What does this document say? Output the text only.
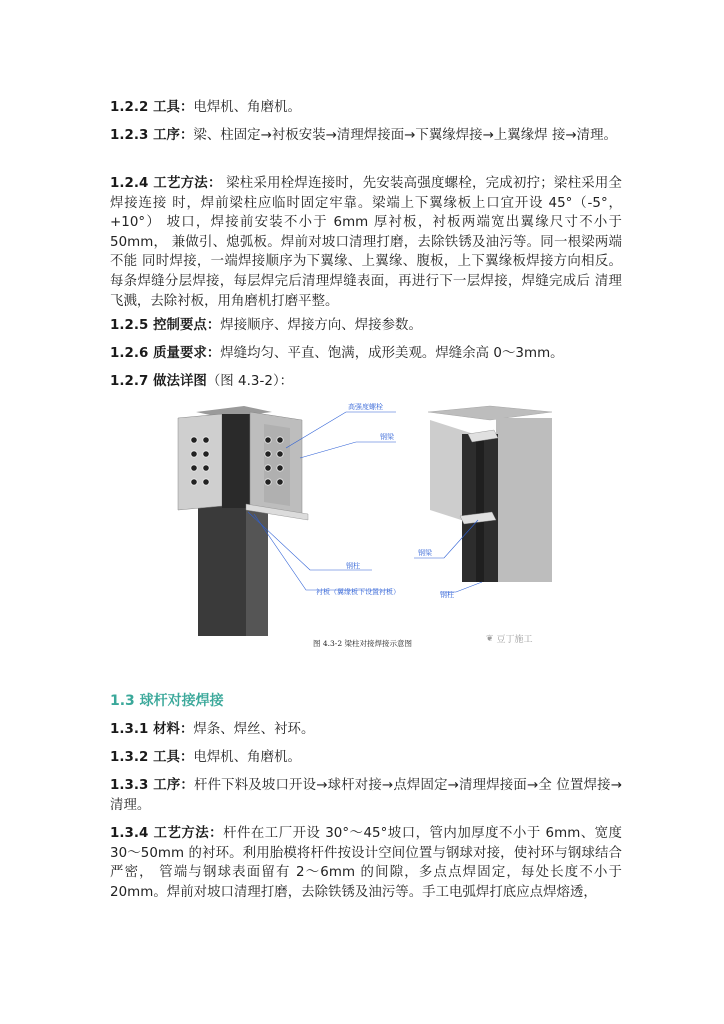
1.2.2 工具：电焊机、角磨机。
1.2.3 工序：梁、柱固定→衬板安装→清理焊接面→下翼缘焊接→上翼缘焊 接→清理。
1.2.4 工艺方法： 梁柱采用栓焊连接时，先安装高强度螺栓，完成初拧；梁柱采用全焊接连接 时，焊前梁柱应临时固定牢靠。梁端上下翼缘板上口宜开设 45°（-5°，+10°） 坡口，焊接前安装不小于 6mm 厚衬板，衬板两端宽出翼缘尺寸不小于 50mm， 兼做引、熄弧板。焊前对坡口清理打磨，去除铁锈及油污等。同一根梁两端不能 同时焊接，一端焊接顺序为下翼缘、上翼缘、腹板，上下翼缘板焊接方向相反。每条焊缝分层焊接，每层焊完后清理焊缝表面，再进行下一层焊接，焊缝完成后 清理飞溅，去除衬板，用角磨机打磨平整。
1.2.5 控制要点：焊接顺序、焊接方向、焊接参数。
1.2.6 质量要求：焊缝均匀、平直、饱满，成形美观。焊缝余高 0～3mm。
1.2.7 做法详图（图 4.3-2）：
高强度螺栓
钢梁
钢柱
衬板（翼缘板下设置衬板）
钢梁
钢柱
图 4.3-2 梁柱对接焊接示意图	❦ 豆丁施工
1.3 球杆对接焊接
1.3.1 材料：焊条、焊丝、衬环。
1.3.2 工具：电焊机、角磨机。
1.3.3 工序：杆件下料及坡口开设→球杆对接→点焊固定→清理焊接面→全 位置焊接→清理。
1.3.4 工艺方法：杆件在工厂开设 30°～45°坡口，管内加厚度不小于 6mm、宽度 30～50mm 的衬环。利用胎模将杆件按设计空间位置与钢球对接，使衬环与钢球结合严密， 管端与钢球表面留有 2～6mm 的间隙，多点点焊固定，每处长度不小于 20mm。焊前对坡口清理打磨，去除铁锈及油污等。手工电弧焊打底应点焊熔透，
